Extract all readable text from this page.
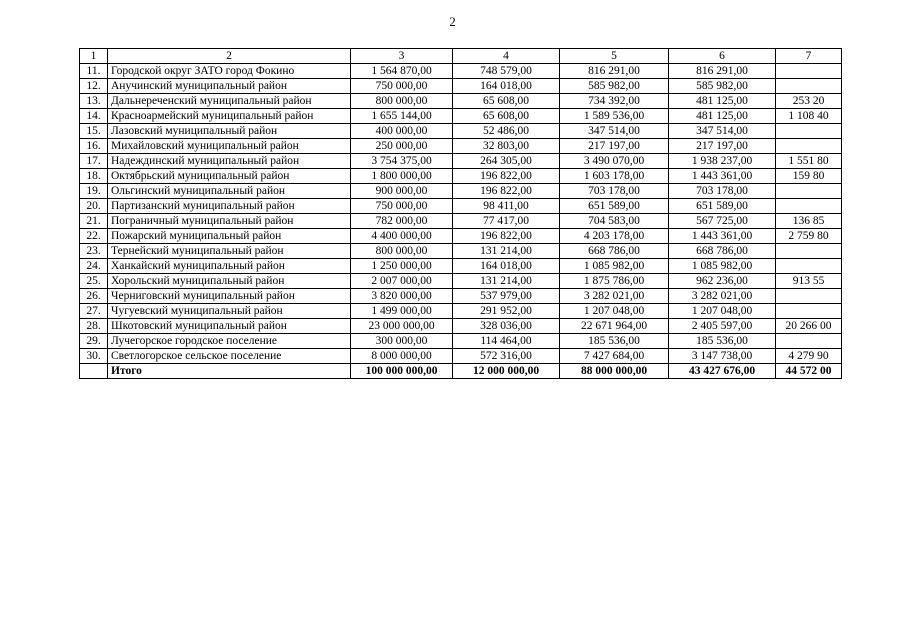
2
1	2	3	4	5	6	7
11.	Городской округ ЗАТО город Фокино	1 564 870,00	748 579,00	816 291,00	816 291,00	
12.	Анучинский муниципальный район	750 000,00	164 018,00	585 982,00	585 982,00	
13.	Дальнереченский муниципальный район	800 000,00	65 608,00	734 392,00	481 125,00	253 20
14.	Красноармейский муниципальный район	1 655 144,00	65 608,00	1 589 536,00	481 125,00	1 108 40
15.	Лазовский муниципальный район	400 000,00	52 486,00	347 514,00	347 514,00	
16.	Михайловский муниципальный район	250 000,00	32 803,00	217 197,00	217 197,00	
17.	Надеждинский муниципальный район	3 754 375,00	264 305,00	3 490 070,00	1 938 237,00	1 551 80
18.	Октябрьский муниципальный район	1 800 000,00	196 822,00	1 603 178,00	1 443 361,00	159 80
19.	Ольгинский муниципальный район	900 000,00	196 822,00	703 178,00	703 178,00	
20.	Партизанский муниципальный район	750 000,00	98 411,00	651 589,00	651 589,00	
21.	Пограничный муниципальный район	782 000,00	77 417,00	704 583,00	567 725,00	136 85
22.	Пожарский муниципальный район	4 400 000,00	196 822,00	4 203 178,00	1 443 361,00	2 759 80
23.	Тернейский муниципальный район	800 000,00	131 214,00	668 786,00	668 786,00	
24.	Ханкайский муниципальный район	1 250 000,00	164 018,00	1 085 982,00	1 085 982,00	
25.	Хорольский муниципальный район	2 007 000,00	131 214,00	1 875 786,00	962 236,00	913 55
26.	Черниговский муниципальный район	3 820 000,00	537 979,00	3 282 021,00	3 282 021,00	
27.	Чугуевский муниципальный район	1 499 000,00	291 952,00	1 207 048,00	1 207 048,00	
28.	Шкотовский муниципальный район	23 000 000,00	328 036,00	22 671 964,00	2 405 597,00	20 266 00
29.	Лучегорское городское поселение	300 000,00	114 464,00	185 536,00	185 536,00	
30.	Светлогорское сельское поселение	8 000 000,00	572 316,00	7 427 684,00	3 147 738,00	4 279 90
	Итого	100 000 000,00	12 000 000,00	88 000 000,00	43 427 676,00	44 572 00
